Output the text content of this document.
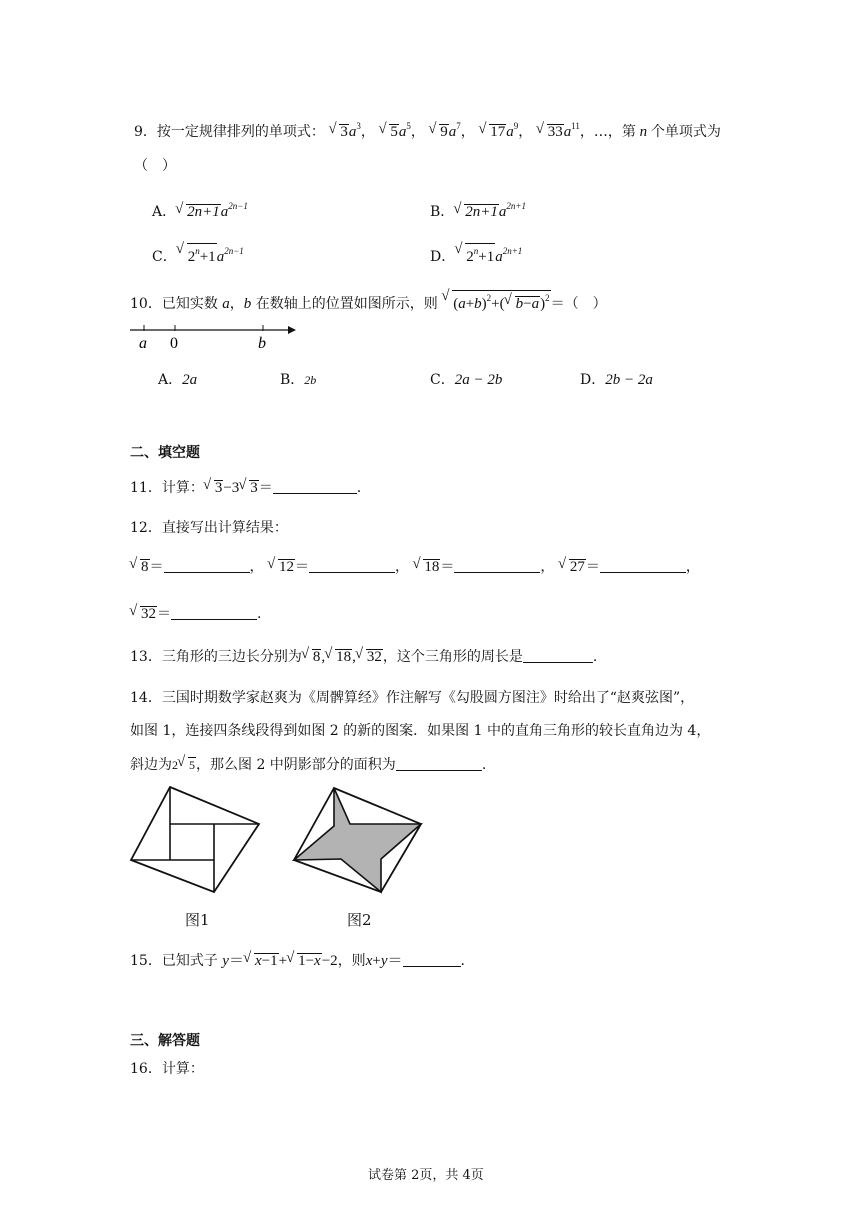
9．按一定规律排列的单项式： √ $3a^3$， √ $5a^5$， √ $9a^7$， √ $17a^9$， √ $33a^{11}$，…，第 n 个单项式为
（　）
A．√ $2n+1a^{2n-1}$	B．√ $2n+1a^{2n+1}$
C．√ $2^n+1a^{2n-1}$	D．√ $2^n+1a^{2n+1}$
10．已知实数 a，b 在数轴上的位置如图所示，则 √ $(a+b)^2+(√$ b−a)$^2$＝（　）
a 0	b
A．2a	B．2b	C．2a − 2b	D．2b − 2a
二、填空题
11．计算：√ 3−3√ 3＝	.
12．直接写出计算结果：
√ 8＝	， √ 12＝	， √ 18＝	， √ 27＝	，
√ 32＝	.
13．三角形的三边长分别为√ 8,√ 18,√ 32，这个三角形的周长是	.
14．三国时期数学家赵爽为《周髀算经》作注解写《勾股圆方图注》时给出了“赵爽弦图”，
如图 1，连接四条线段得到如图 2 的新的图案．如果图 1 中的直角三角形的较长直角边为 4，
斜边为2√ 5，那么图 2 中阴影部分的面积为	.
图1	图2
15．已知式子 y＝√ x−1+√ 1−x−2，则x+y＝	.
三、解答题
16．计算：
试卷第 2页，共 4页
